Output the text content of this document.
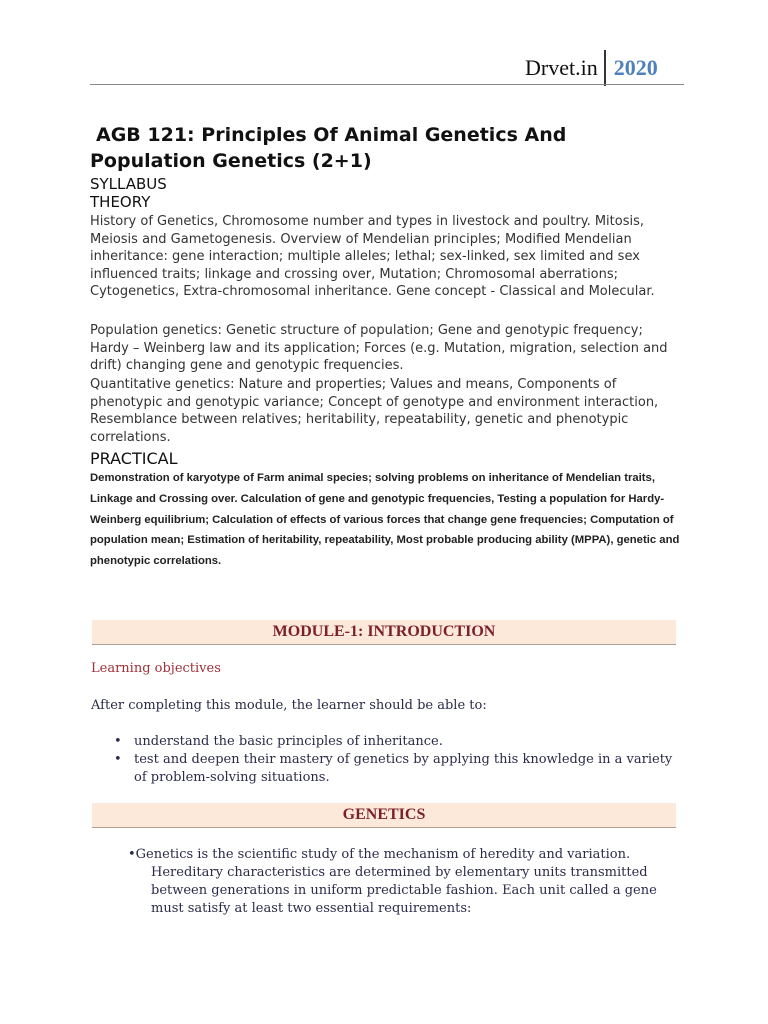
Drvet.in 2020
AGB 121: Principles Of Animal Genetics And
Population Genetics (2+1)

SYLLABUS

THEORY

History of Genetics, Chromosome number and types in livestock and poultry. Mitosis, Meiosis and Gametogenesis. Overview of Mendelian principles; Modified Mendelian inheritance: gene interaction; multiple alleles; lethal; sex-linked, sex limited and sex influenced traits; linkage and crossing over, Mutation; Chromosomal aberrations; Cytogenetics, Extra-chromosomal inheritance. Gene concept - Classical and Molecular.

Population genetics: Genetic structure of population; Gene and genotypic frequency; Hardy – Weinberg law and its application; Forces (e.g. Mutation, migration, selection and drift) changing gene and genotypic frequencies.

Quantitative genetics: Nature and properties; Values and means, Components of phenotypic and genotypic variance; Concept of genotype and environment interaction, Resemblance between relatives; heritability, repeatability, genetic and phenotypic correlations.

PRACTICAL

Demonstration of karyotype of Farm animal species; solving problems on inheritance of Mendelian traits, Linkage and Crossing over. Calculation of gene and genotypic frequencies, Testing a population for Hardy- Weinberg equilibrium; Calculation of effects of various forces that change gene frequencies; Computation of population mean; Estimation of heritability, repeatability, Most probable producing ability (MPPA), genetic and phenotypic correlations.

MODULE-1: INTRODUCTION

Learning objectives

After completing this module, the learner should be able to:

• understand the basic principles of inheritance.
• test and deepen their mastery of genetics by applying this knowledge in a variety of problem-solving situations.
GENETICS

•Genetics is the scientific study of the mechanism of heredity and variation. Hereditary characteristics are determined by elementary units transmitted between generations in uniform predictable fashion. Each unit called a gene must satisfy at least two essential requirements:
